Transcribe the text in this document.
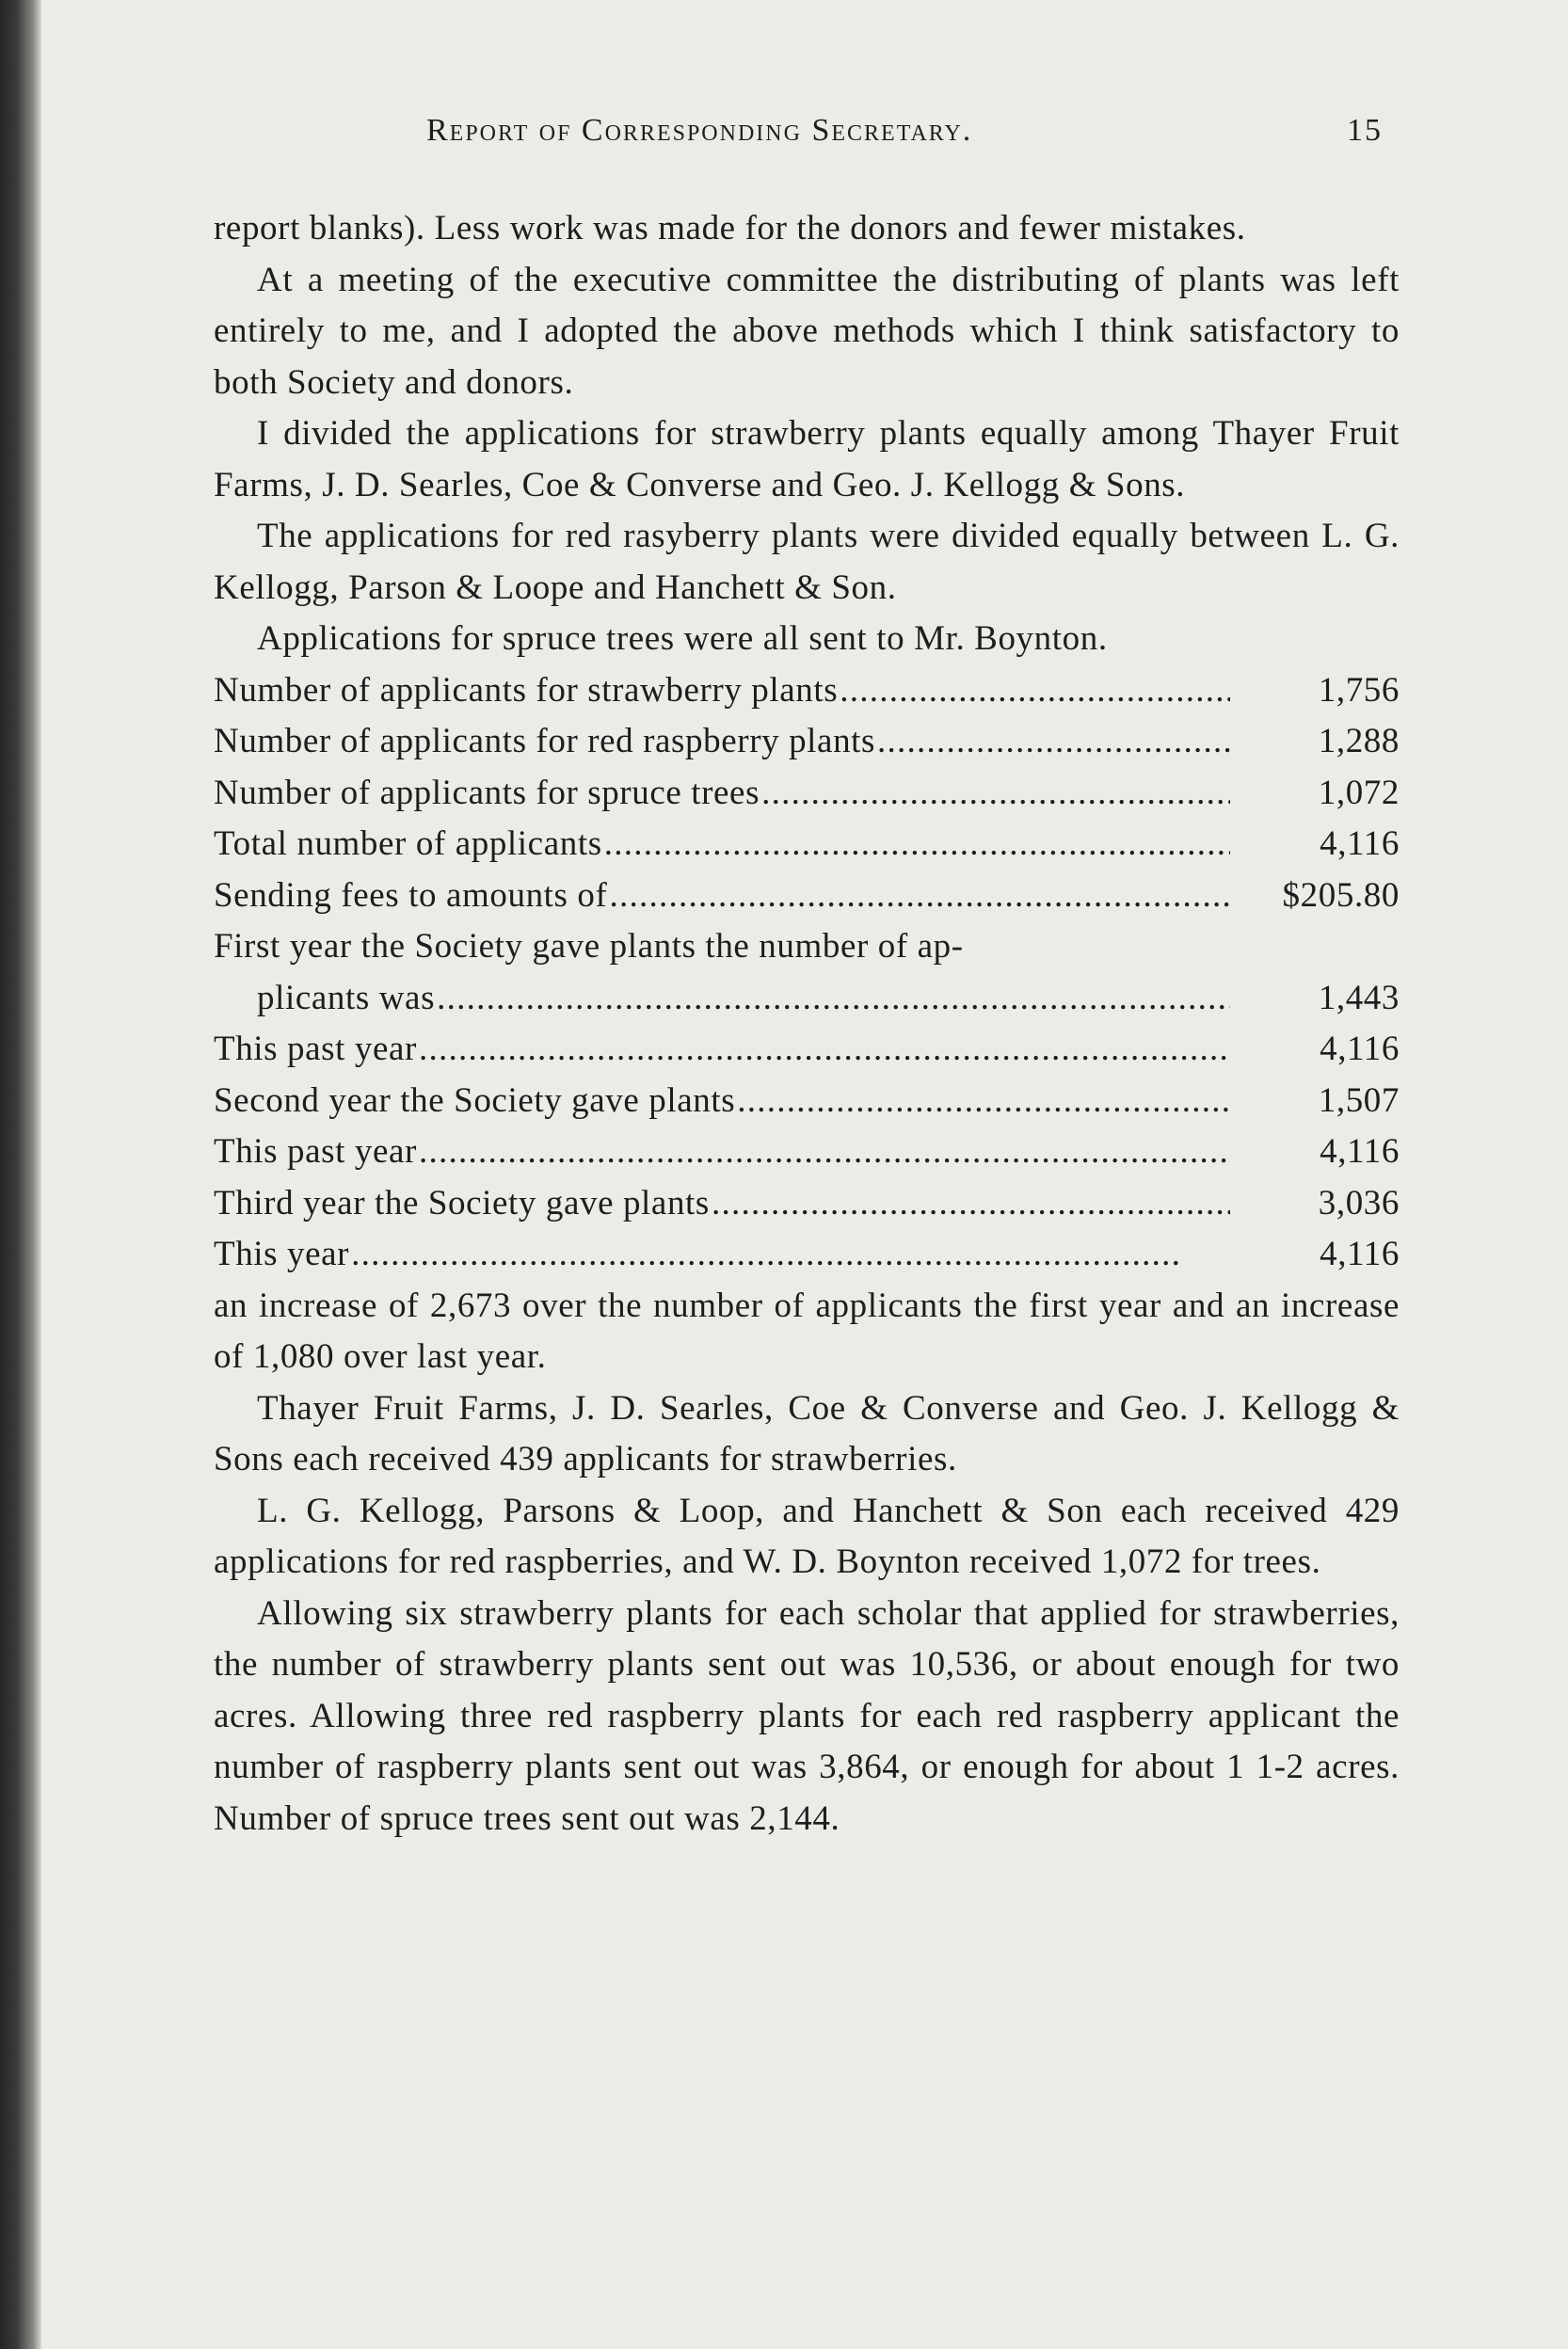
Report of Corresponding Secretary.	15

report blanks). Less work was made for the donors and fewer mistakes.

At a meeting of the executive committee the distributing of plants was left entirely to me, and I adopted the above methods which I think satisfactory to both Society and donors.

I divided the applications for strawberry plants equally among Thayer Fruit Farms, J. D. Searles, Coe & Converse and Geo. J. Kellogg & Sons.

The applications for red rasyberry plants were divided equally between L. G. Kellogg, Parson & Loope and Hanchett & Son.

Applications for spruce trees were all sent to Mr. Boynton.

Number of applicants for strawberry plants . . .	1,756
Number of applicants for red raspberry plants . . .	1,288
Number of applicants for spruce trees . . .	1,072
Total number of applicants . . .	4,116
Sending fees to amounts of . . .	$205.80
First year the Society gave plants the number of ap-
plicants was . . .	1,443
This past year . . .	4,116
Second year the Society gave plants . . .	1,507
This past year . . .	4,116
Third year the Society gave plants . . .	3,036
This year . . .	4,116

an increase of 2,673 over the number of applicants the first year and an increase of 1,080 over last year.

Thayer Fruit Farms, J. D. Searles, Coe & Converse and Geo. J. Kellogg & Sons each received 439 applicants for strawberries.

L. G. Kellogg, Parsons & Loop, and Hanchett & Son each received 429 applications for red raspberries, and W. D. Boynton received 1,072 for trees.

Allowing six strawberry plants for each scholar that applied for strawberries, the number of strawberry plants sent out was 10,536, or about enough for two acres. Allowing three red raspberry plants for each red raspberry applicant the number of raspberry plants sent out was 3,864, or enough for about 1 1-2 acres. Number of spruce trees sent out was 2,144.
